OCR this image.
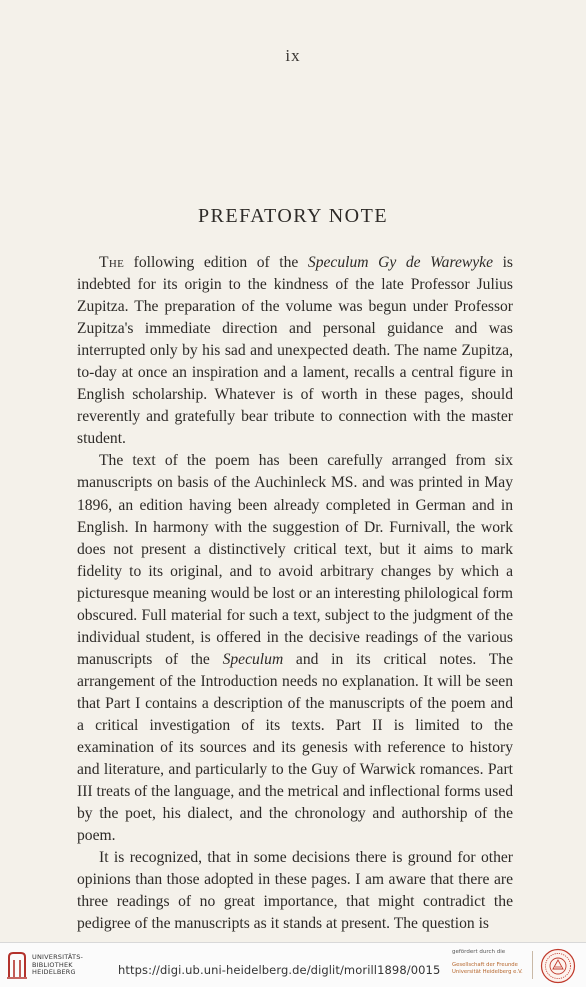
ix
PREFATORY NOTE

The following edition of the Speculum Gy de Warewyke is indebted for its origin to the kindness of the late Professor Julius Zupitza. The preparation of the volume was begun under Professor Zupitza's immediate direction and personal guidance and was interrupted only by his sad and unexpected death. The name Zupitza, to-day at once an inspiration and a lament, recalls a central figure in English scholarship. Whatever is of worth in these pages, should reverently and gratefully bear tribute to connection with the master student.

The text of the poem has been carefully arranged from six manuscripts on basis of the Auchinleck MS. and was printed in May 1896, an edition having been already completed in German and in English. In harmony with the suggestion of Dr. Furnivall, the work does not present a distinctively critical text, but it aims to mark fidelity to its original, and to avoid arbitrary changes by which a picturesque meaning would be lost or an interesting philological form obscured. Full material for such a text, subject to the judgment of the individual student, is offered in the decisive readings of the various manuscripts of the Speculum and in its critical notes. The arrangement of the Introduction needs no explanation. It will be seen that Part I contains a description of the manuscripts of the poem and a critical investigation of its texts. Part II is limited to the examination of its sources and its genesis with reference to history and literature, and particularly to the Guy of Warwick romances. Part III treats of the language, and the metrical and inflectional forms used by the poet, his dialect, and the chronology and authorship of the poem.

It is recognized, that in some decisions there is ground for other opinions than those adopted in these pages. I am aware that there are three readings of no great importance, that might contradict the pedigree of the manuscripts as it stands at present. The question is

UNIVERSITÄTS-
BIBLIOTHEK
HEIDELBERG	https://digi.ub.uni-heidelberg.de/diglit/morill1898/0015
gefördert durch die
Gesellschaft der Freunde
Universität Heidelberg e.V.
